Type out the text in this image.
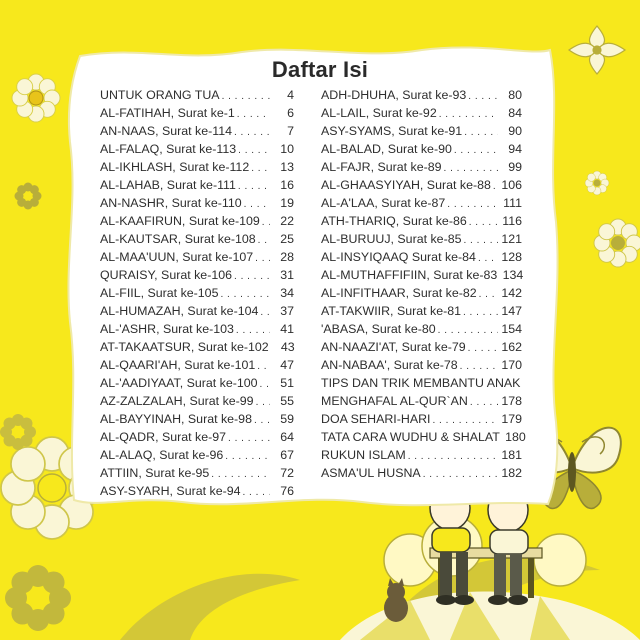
Daftar Isi
UNTUK ORANG TUA . . .	4
AL-FATIHAH, Surat ke-1 . . .	6
AN-NAAS, Surat ke-114 . . .	7
AL-FALAQ, Surat ke-113 . . .	10
AL-IKHLASH, Surat ke-112 . . .	13
AL-LAHAB, Surat ke-111 . . .	16
AN-NASHR, Surat ke-110 . . .	19
AL-KAAFIRUN, Surat ke-109 . . .	22
AL-KAUTSAR, Surat ke-108 . . .	25
AL-MAA'UUN, Surat ke-107 . . .	28
QURAISY, Surat ke-106 . . .	31
AL-FIIL, Surat ke-105 . . .	34
AL-HUMAZAH, Surat ke-104 . . .	37
AL-'ASHR, Surat ke-103 . . .	41
AT-TAKAATSUR, Surat ke-102 43
AL-QAARI'AH, Surat ke-101 . . .	47
AL-'AADIYAAT, Surat ke-100 . . .	51
AZ-ZALZALAH, Surat ke-99 . . .	55
AL-BAYYINAH, Surat ke-98 . . .	59
AL-QADR, Surat ke-97 . . .	64
AL-ALAQ, Surat ke-96 . . .	67
ATTIIN, Surat ke-95 . . .	72
ASY-SYARH, Surat ke-94 . . .	76
ADH-DHUHA, Surat ke-93 . . .	80
AL-LAIL, Surat ke-92 . . .	84
ASY-SYAMS, Surat ke-91 . . .	90
AL-BALAD, Surat ke-90 . . .	94
AL-FAJR, Surat ke-89 . . .	99
AL-GHAASYIYAH, Surat ke-88 . . . 106
AL-A'LAA, Surat ke-87 . . .	111
ATH-THARIQ, Surat ke-86 . . .	116
AL-BURUUJ, Surat ke-85 . . .	121
AL-INSYIQAAQ Surat ke-84 . . . 128
AL-MUTHAFFIFIIN, Surat ke-83 134
AL-INFITHAAR, Surat ke-82 . . . 142
AT-TAKWIIR, Surat ke-81 . . .	147
'ABASA, Surat ke-80 . . .	154
AN-NAAZI'AT, Surat ke-79 . . .	162
AN-NABAA', Surat ke-78 . . .	170
TIPS DAN TRIK MEMBANTU ANAK
MENGHAFAL AL-QUR`AN . . .	178
DOA SEHARI-HARI . . .	179
TATA CARA WUDHU & SHALAT 180
RUKUN ISLAM . . .	181
ASMA'UL HUSNA . . .	182
